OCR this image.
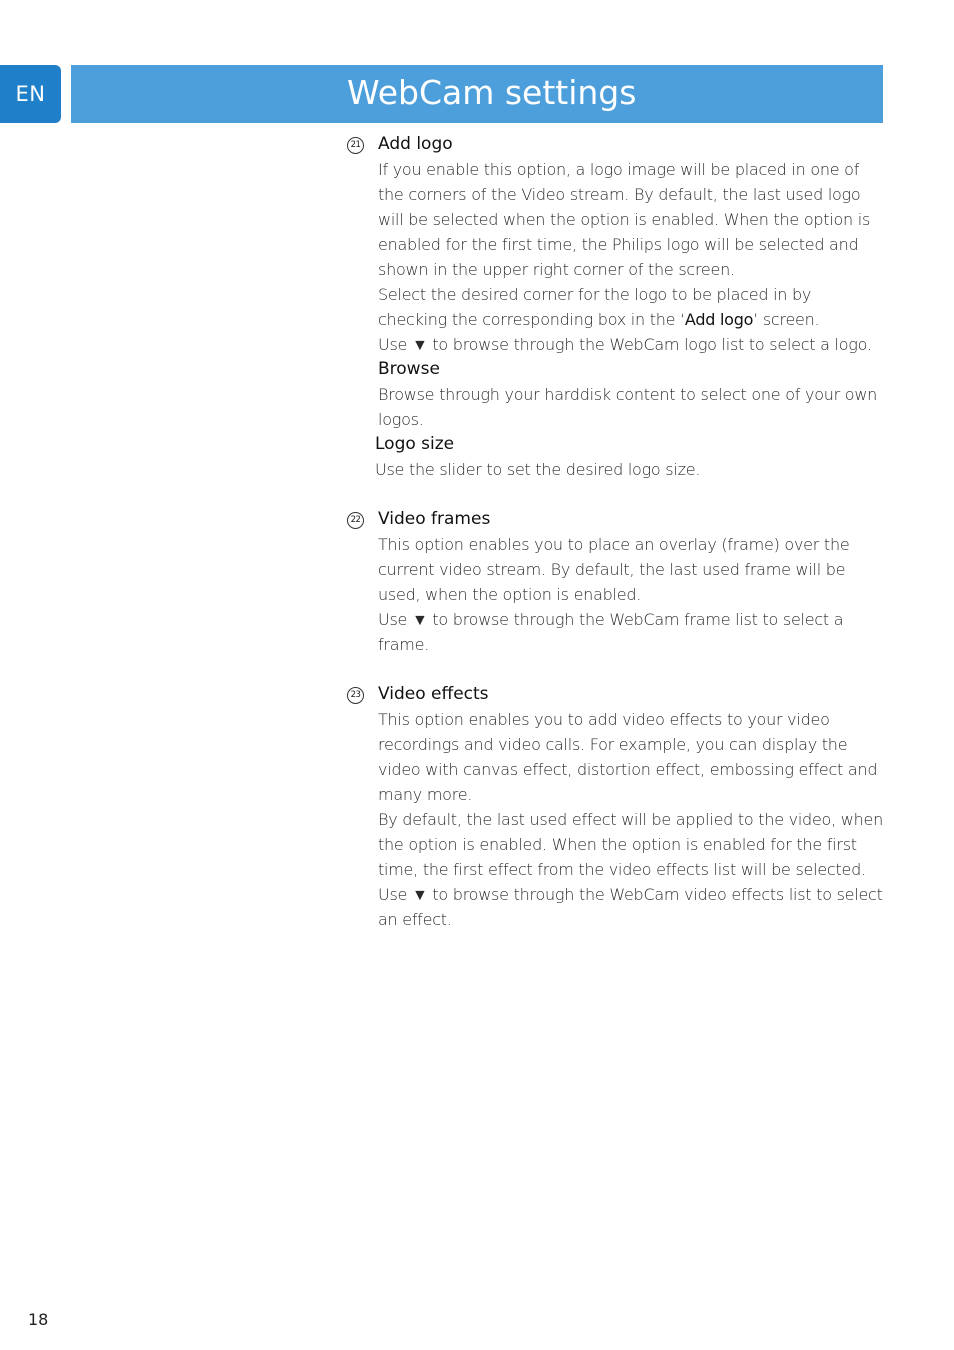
EN	WebCam settings
21 Add logo

If you enable this option, a logo image will be placed in one of the corners of the Video stream. By default, the last used logo will be selected when the option is enabled. When the option is enabled for the first time, the Philips logo will be selected and shown in the upper right corner of the screen.

Select the desired corner for the logo to be placed in by checking the corresponding box in the ‘Add logo’ screen.

Use ▼ to browse through the WebCam logo list to select a logo.

Browse

Browse through your harddisk content to select one of your own logos.

Logo size

Use the slider to set the desired logo size.

22 Video frames

This option enables you to place an overlay (frame) over the current video stream. By default, the last used frame will be used, when the option is enabled.

Use ▼ to browse through the WebCam frame list to select a frame.

23 Video effects

This option enables you to add video effects to your video recordings and video calls. For example, you can display the video with canvas effect, distortion effect, embossing effect and many more.

By default, the last used effect will be applied to the video, when the option is enabled. When the option is enabled for the first time, the first effect from the video effects list will be selected.

Use ▼ to browse through the WebCam video effects list to select an effect.

18
